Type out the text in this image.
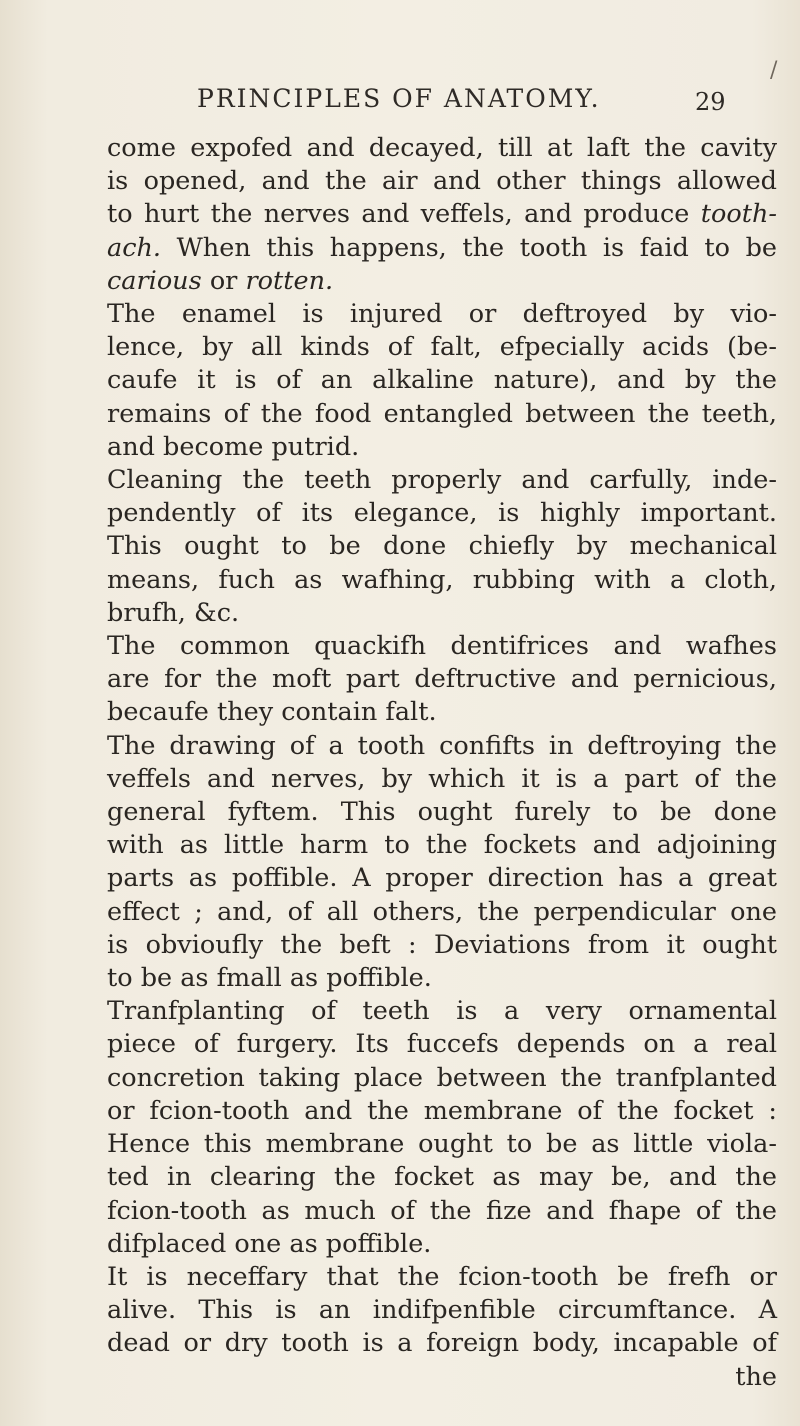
/
PRINCIPLES OF ANATOMY.	29
come expofed and decayed, till at laft the cavity
is opened, and the air and other things allowed
to hurt the nerves and veffels, and produce tooth-
ach. When this happens, the tooth is faid to be
carious or rotten.
The enamel is injured or deftroyed by vio-
lence, by all kinds of falt, efpecially acids (be-
caufe it is of an alkaline nature), and by the
remains of the food entangled between the teeth,
and become putrid.
Cleaning the teeth properly and carfully, inde-
pendently of its elegance, is highly important.
This ought to be done chiefly by mechanical
means, fuch as wafhing, rubbing with a cloth,
brufh, &c.
The common quackifh dentifrices and wafhes
are for the moft part deftructive and pernicious,
becaufe they contain falt.
The drawing of a tooth confifts in deftroying the
veffels and nerves, by which it is a part of the
general fyftem. This ought furely to be done
with as little harm to the fockets and adjoining
parts as poffible. A proper direction has a great
effect ; and, of all others, the perpendicular one
is obvioufly the beft : Deviations from it ought
to be as fmall as poffible.
Tranfplanting of teeth is a very ornamental
piece of furgery. Its fuccefs depends on a real
concretion taking place between the tranfplanted
or fcion-tooth and the membrane of the focket :
Hence this membrane ought to be as little viola-
ted in clearing the focket as may be, and the
fcion-tooth as much of the fize and fhape of the
difplaced one as poffible.
It is neceffary that the fcion-tooth be frefh or
alive. This is an indifpenfible circumftance. A
dead or dry tooth is a foreign body, incapable of
the
